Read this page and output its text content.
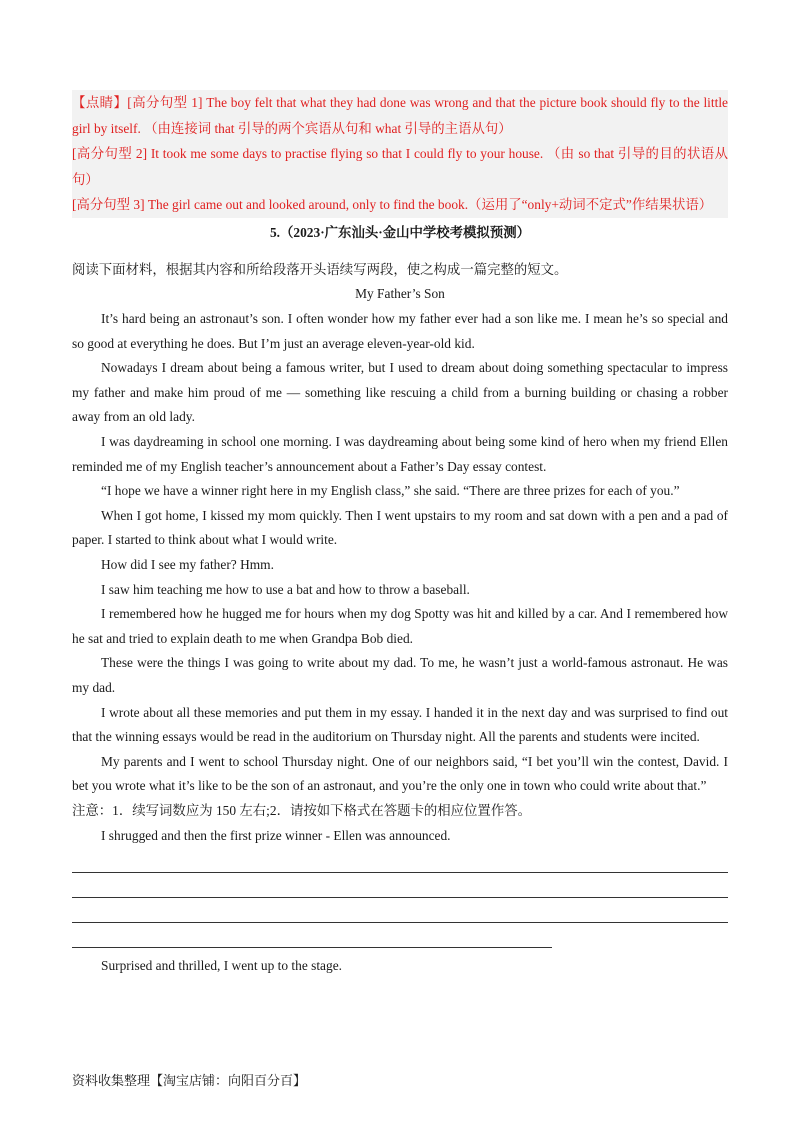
【点睛】[高分句型 1] The boy felt that what they had done was wrong and that the picture book should fly to the little girl by itself. （由连接词 that 引导的两个宾语从句和 what 引导的主语从句）

[高分句型 2] It took me some days to practise flying so that I could fly to your house. （由 so that 引导的目的状语从句）

[高分句型 3] The girl came out and looked around, only to find the book.（运用了“only+动词不定式”作结果状语）

5.（2023·广东汕头·金山中学校考模拟预测）

阅读下面材料，根据其内容和所给段落开头语续写两段，使之构成一篇完整的短文。

My Father’s Son

It’s hard being an astronaut’s son. I often wonder how my father ever had a son like me. I mean he’s so special and so good at everything he does. But I’m just an average eleven-year-old kid.

Nowadays I dream about being a famous writer, but I used to dream about doing something spectacular to impress my father and make him proud of me — something like rescuing a child from a burning building or chasing a robber away from an old lady.

I was daydreaming in school one morning. I was daydreaming about being some kind of hero when my friend Ellen reminded me of my English teacher’s announcement about a Father’s Day essay contest.

“I hope we have a winner right here in my English class,” she said. “There are three prizes for each of you.”

When I got home, I kissed my mom quickly. Then I went upstairs to my room and sat down with a pen and a pad of paper. I started to think about what I would write.

How did I see my father? Hmm.

I saw him teaching me how to use a bat and how to throw a baseball.

I remembered how he hugged me for hours when my dog Spotty was hit and killed by a car. And I remembered how he sat and tried to explain death to me when Grandpa Bob died.

These were the things I was going to write about my dad. To me, he wasn’t just a world-famous astronaut. He was my dad.

I wrote about all these memories and put them in my essay. I handed it in the next day and was surprised to find out that the winning essays would be read in the auditorium on Thursday night. All the parents and students were incited.

My parents and I went to school Thursday night. One of our neighbors said, “I bet you’ll win the contest, David. I bet you wrote what it’s like to be the son of an astronaut, and you’re the only one in town who could write about that.”

注意：1．续写词数应为 150 左右;2．请按如下格式在答题卡的相应位置作答。

I shrugged and then the first prize winner - Ellen was announced.

Surprised and thrilled, I went up to the stage.

资料收集整理【淘宝店铺：向阳百分百】
